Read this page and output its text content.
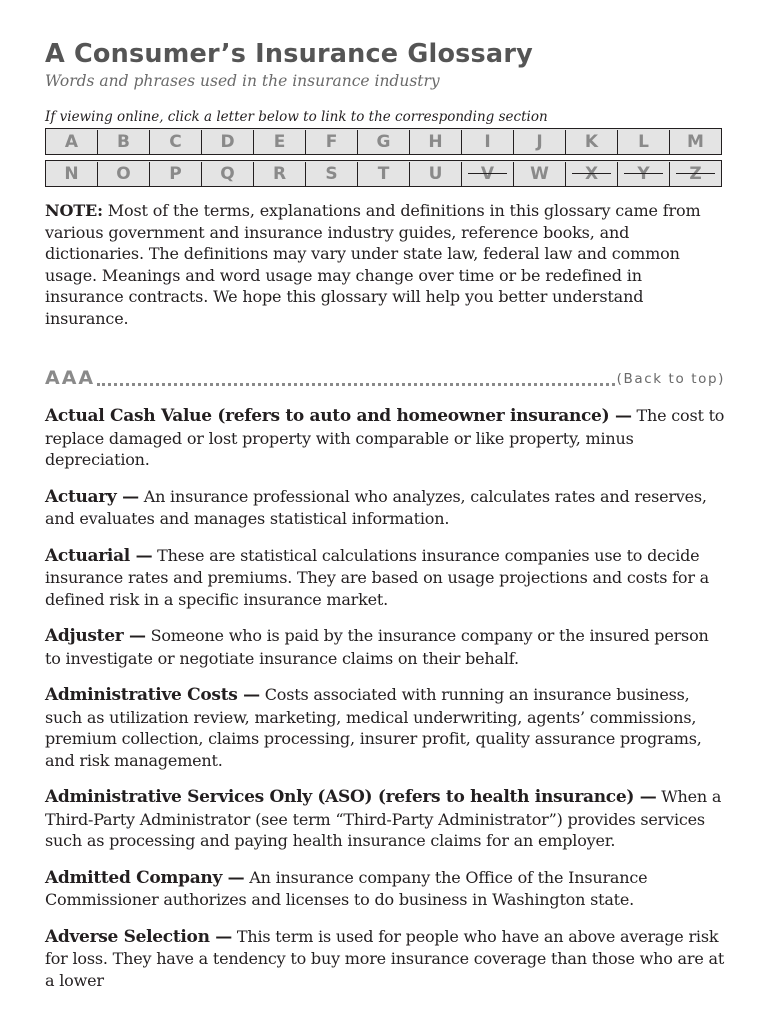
A Consumer’s Insurance Glossary
Words and phrases used in the insurance industry
If viewing online, click a letter below to link to the corresponding section
A	B	C	D	E	F	G	H	I	J	K	L	M
N	O	P	Q	R	S	T	U	V	W	X	Y	Z

NOTE: Most of the terms, explanations and definitions in this glossary came from various government and insurance industry guides, reference books, and dictionaries. The definitions may vary under state law, federal law and common usage. Meanings and word usage may change over time or be redefined in insurance contracts. We hope this glossary will help you better understand insurance.

AAA	(Back to top)

Actual Cash Value (refers to auto and homeowner insurance) — The cost to replace damaged or lost property with comparable or like property, minus depreciation.

Actuary — An insurance professional who analyzes, calculates rates and reserves, and evaluates and manages statistical information.

Actuarial — These are statistical calculations insurance companies use to decide insurance rates and premiums. They are based on usage projections and costs for a defined risk in a specific insurance market.

Adjuster — Someone who is paid by the insurance company or the insured person to investigate or negotiate insurance claims on their behalf.

Administrative Costs — Costs associated with running an insurance business, such as utilization review, marketing, medical underwriting, agents’ commissions, premium collection, claims processing, insurer profit, quality assurance programs, and risk management.

Administrative Services Only (ASO) (refers to health insurance) — When a Third-Party Administrator (see term “Third-Party Administrator”) provides services such as processing and paying health insurance claims for an employer.

Admitted Company — An insurance company the Office of the Insurance Commissioner authorizes and licenses to do business in Washington state.

Adverse Selection — This term is used for people who have an above average risk for loss. They have a tendency to buy more insurance coverage than those who are at a lower
